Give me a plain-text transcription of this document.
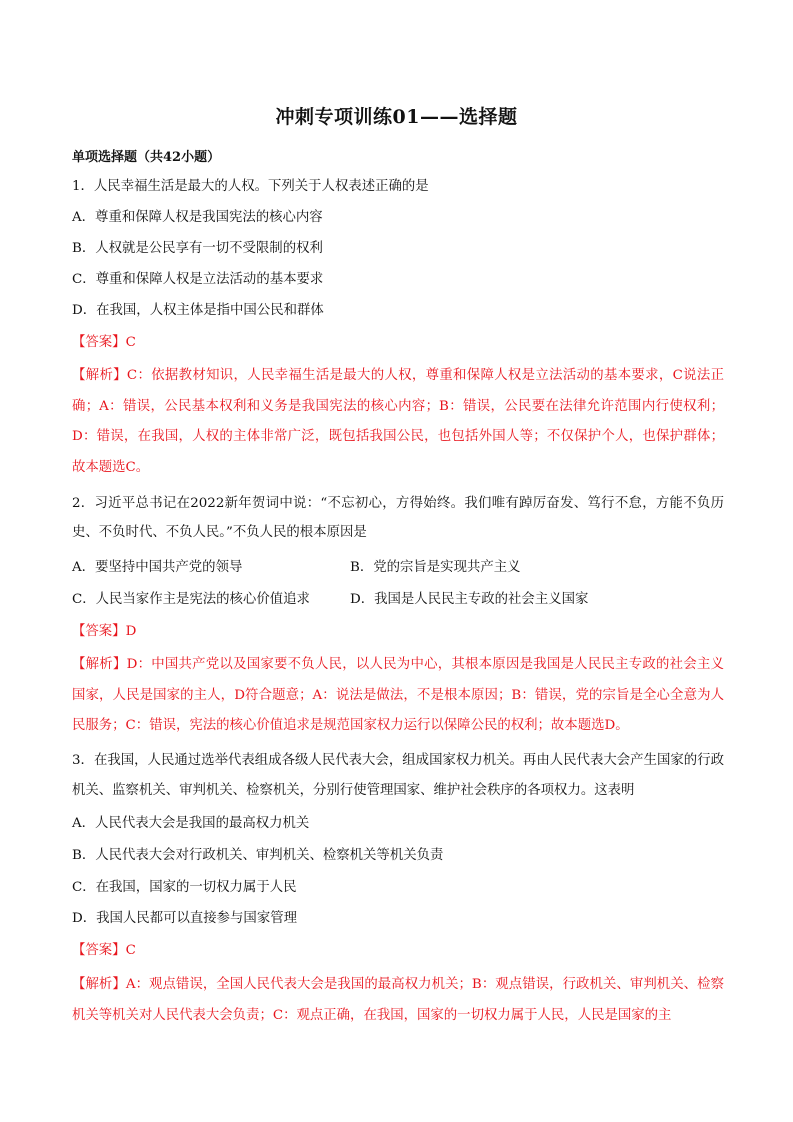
冲刺专项训练01——选择题
单项选择题（共42小题）
1．人民幸福生活是最大的人权。下列关于人权表述正确的是
A．尊重和保障人权是我国宪法的核心内容
B．人权就是公民享有一切不受限制的权利
C．尊重和保障人权是立法活动的基本要求
D．在我国，人权主体是指中国公民和群体
【答案】C
【解析】C：依据教材知识，人民幸福生活是最大的人权，尊重和保障人权是立法活动的基本要求，C说法正确；A：错误，公民基本权利和义务是我国宪法的核心内容；B：错误，公民要在法律允许范围内行使权利；D：错误，在我国，人权的主体非常广泛，既包括我国公民，也包括外国人等；不仅保护个人，也保护群体；故本题选C。
2．习近平总书记在2022新年贺词中说：“不忘初心，方得始终。我们唯有踔厉奋发、笃行不怠，方能不负历史、不负时代、不负人民。”不负人民的根本原因是
A．要坚持中国共产党的领导	B．党的宗旨是实现共产主义
C．人民当家作主是宪法的核心价值追求	D．我国是人民民主专政的社会主义国家
【答案】D
【解析】D：中国共产党以及国家要不负人民，以人民为中心，其根本原因是我国是人民民主专政的社会主义国家，人民是国家的主人，D符合题意；A：说法是做法，不是根本原因；B：错误，党的宗旨是全心全意为人民服务；C：错误，宪法的核心价值追求是规范国家权力运行以保障公民的权利；故本题选D。
3．在我国，人民通过选举代表组成各级人民代表大会，组成国家权力机关。再由人民代表大会产生国家的行政机关、监察机关、审判机关、检察机关，分别行使管理国家、维护社会秩序的各项权力。这表明
A．人民代表大会是我国的最高权力机关
B．人民代表大会对行政机关、审判机关、检察机关等机关负责
C．在我国，国家的一切权力属于人民
D．我国人民都可以直接参与国家管理
【答案】C
【解析】A：观点错误，全国人民代表大会是我国的最高权力机关；B：观点错误，行政机关、审判机关、检察机关等机关对人民代表大会负责；C：观点正确，在我国，国家的一切权力属于人民，人民是国家的主
